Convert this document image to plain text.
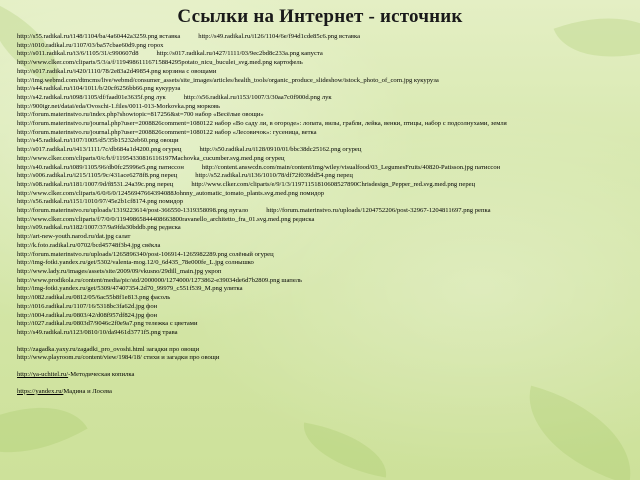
Ссылки на Интернет - источник
http://s55.radikal.ru/i148/1104/ba/4a60442a3259.png вставка	http://s49.radikal.ru/i126/1104/6e/f94d1cde85c6.png вставка
http://i010.radikal.ru/1107/03/ba57cbae60d9.png горох
http://s011.radikal.ru/i3/6/1105/31/c990607d8	http://s017.radikal.ru/i427/1111/03/9ec2bd8c233a.png капуста
http://www.clker.com/cliparts/5/3/a/f/11949861116715884295potato_nicu_buculei_svg.med.png картофель
http://s017.radikal.ru/i420/1110/78/2e83a2d49854.png корзина с овощами
http://img.webmd.com/dtmcms/live/webmd/consumer_assets/site_images/articles/health_tools/organic_produce_slideshow/istock_photo_of_corn.jpg кукуруза
http://s44.radikal.ru/i104/1011/b/20cf6256bb66.png кукуруза
http://s42.radikal.ru/i098/1105/df/faad01e3635f.png лук	http://s56.radikal.ru/i153/1007/3/30aa7c0f900d.png лук
http://900igr.net/datai/eda/Ovoschi-1.files/0011-013-Morkovka.png морковь
http://forum.materinstvo.ru/index.php?showtopic=817256&st=700 набор «Весёлые овощи»
http://forum.materinstvo.ru/journal.php?user=2008826comment=1080122 набор «Во саду ли, в огороде»: лопата, вилы, грабли, лейка, венки, птицы, набор с подсолнухами, земля
http://forum.materinstvo.ru/journal.php?user=2008826comment=1080122 набор «Лесовичок»: гусеница, ветка
http://s45.radikal.ru/i107/1005/d5/35b15232eb60.png овощи
http://s017.radikal.ru/i413/1111/7c/db684a1d4200.png огурец	http://s50.radikal.ru/i128/0910/01/bbc38dc25162.png огурец
http://www.clker.com/cliparts/0/c/b/f/11954330816116197Machovka_cucumber.svg.med.png огурец
http://s40.radikal.ru/i089/1105/96/db0fc25996e5.png патиссон	http://content.answcdn.com/main/content/img/wiley/visualfood/03_LegumesFruits/40820-Patisson.jpg патиссон
http://s006.radikal.ru/i215/1105/9c/431ace6278f8.png перец	http://s52.radikal.ru/i136/1010/78/df72f039dd54.png перец
http://s08.radikal.ru/i181/1007/9d/f8531.24a39c.png перец	http://www.clker.com/cliparts/e/9/1/3/11971151810608527890Chrisdesign_Pepper_red.svg.med.png перец
http://www.clker.com/cliparts/6/0/6/0/12456947664394088Johnny_automatic_tomato_plants.svg.med.png помидор
http://s56.radikal.ru/i151/1010/97/45e2b1cf8174.png помидор
http://forum.materinstvo.ru/uploads/1319223614/post-366550-1319358098.png пугало	http://forum.materinstvo.ru/uploads/1204752206/post-32967-1204811697.png репка
http://www.clker.com/cliparts/f/7/0/0/11949865844408663800ravanello_architetto_fra_01.svg.med.png редиска
http://s09.radikal.ru/i182/1007/37/9a9fda30bddb.png редиска
http://art-new-youth.narod.ru/dat.jpg салат
http://k.foto.radikal.ru/0702/bcd45748f3b4.jpg свёкла
http://forum.materinstvo.ru/uploads/1265896340/post-106914-1265982289.png солёный огурец
http://img-fotki.yandex.ru/get/5302/valenta-mog.12/0_6d435_78e000fe_L.jpg солнышко
http://www.lady.ru/images/assets/site/2009/09/vkusno/29dill_main.jpg укроп
http://www.prodikola.ru/content/media/pic/std/2000000/1274000/1273862-e39034de6d7b2809.png шапель
http://img-fotki.yandex.ru/get/5309/47407354.2d70_99979_c551f539_M.png улитка
http://i082.radikal.ru/0812/05/6ac55b8f1e813.png фасоль
http://i016.radikal.ru/1107/16/5318bc3fa62d.jpg фон
http://i004.radikal.ru/0803/42/d08f957df824.jpg фон
http://i027.radikal.ru/0803d7/9046c2f0e9a7.png тележка с цветами
http://s49.radikal.ru/i123/0810/10/da9461d3771f5.png трава
http://zagadka.yaxy.ru/zagadki_pro_ovoshi.html загадки про овощи
http://www.playroom.ru/content/view/1984/18/ стихи и загадки про овощи
http://ya-uchitel.ru/-Методическая копилка
https://yandex.ru/Мадина и Лосева
